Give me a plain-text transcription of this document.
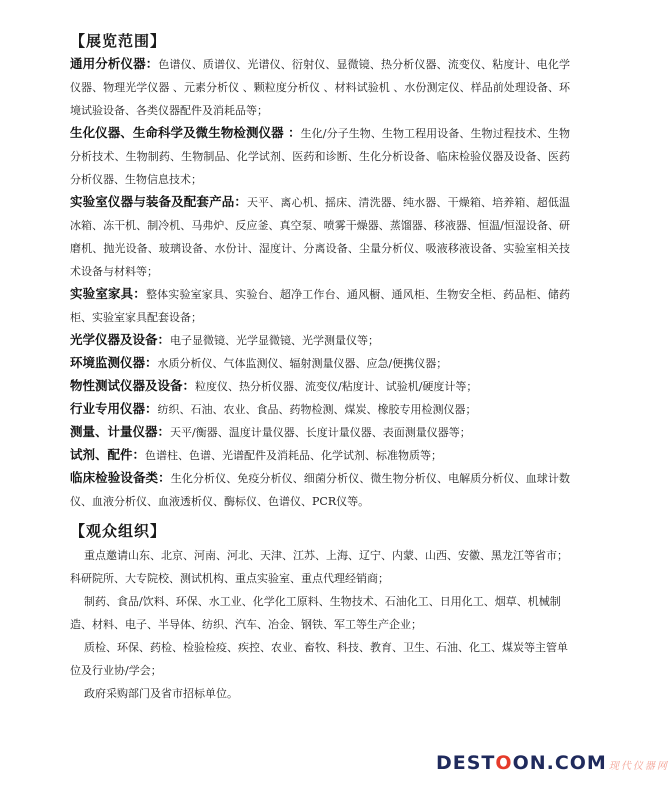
【展览范围】
通用分析仪器：色谱仪、质谱仪、光谱仪、衍射仪、显微镜、热分析仪器、流变仪、粘度计、电化学仪器、物理光学仪器 、元素分析仪 、颗粒度分析仪 、材料试验机 、水份测定仪、样品前处理设备、环境试验设备、各类仪器配件及消耗品等；
生化仪器、生命科学及微生物检测仪器 ：生化/分子生物、生物工程用设备、生物过程技术、生物分析技术、生物制药、生物制品、化学试剂、医药和诊断、生化分析设备、临床检验仪器及设备、医药分析仪器、生物信息技术；
实验室仪器与装备及配套产品：天平、离心机、摇床、清洗器、纯水器、干燥箱、培养箱、超低温冰箱、冻干机、制冷机、马弗炉、反应釜、真空泵、喷雾干燥器、蒸馏器、移液器、恒温/恒湿设备、研磨机、抛光设备、玻璃设备、水份计、湿度计、分离设备、尘量分析仪、吸液移液设备、实验室相关技术设备与材料等；
实验室家具：整体实验室家具、实验台、超净工作台、通风橱、通风柜、生物安全柜、药品柜、储药柜、实验室家具配套设备；
光学仪器及设备：电子显微镜、光学显微镜、光学测量仪等；
环境监测仪器：水质分析仪、气体监测仪、辐射测量仪器、应急/便携仪器；
物性测试仪器及设备：粒度仪、热分析仪器、流变仪/粘度计、试验机/硬度计等；
行业专用仪器：纺织、石油、农业、食品、药物检测、煤炭、橡胶专用检测仪器；
测量、计量仪器：天平/衡器、温度计量仪器、长度计量仪器、表面测量仪器等；
试剂、配件：色谱柱、色谱、光谱配件及消耗品、化学试剂、标准物质等；
临床检验设备类：生化分析仪、免疫分析仪、细菌分析仪、微生物分析仪、电解质分析仪、血球计数仪、血液分析仪、血液透析仪、酶标仪、色谱仪、PCR仪等。
【观众组织】
重点邀请山东、北京、河南、河北、天津、江苏、上海、辽宁、内蒙、山西、安徽、黑龙江等省市；科研院所、大专院校、测试机构、重点实验室、重点代理经销商；
制药、食品/饮料、环保、水工业、化学化工原料、生物技术、石油化工、日用化工、烟草、机械制造、材料、电子、半导体、纺织、汽车、冶金、钢铁、军工等生产企业；
质检、环保、药检、检验检疫、疾控、农业、畜牧、科技、教育、卫生、石油、化工、煤炭等主管单位及行业协/学会；
政府采购部门及省市招标单位。
DESTOON.COM 现代仪器网
